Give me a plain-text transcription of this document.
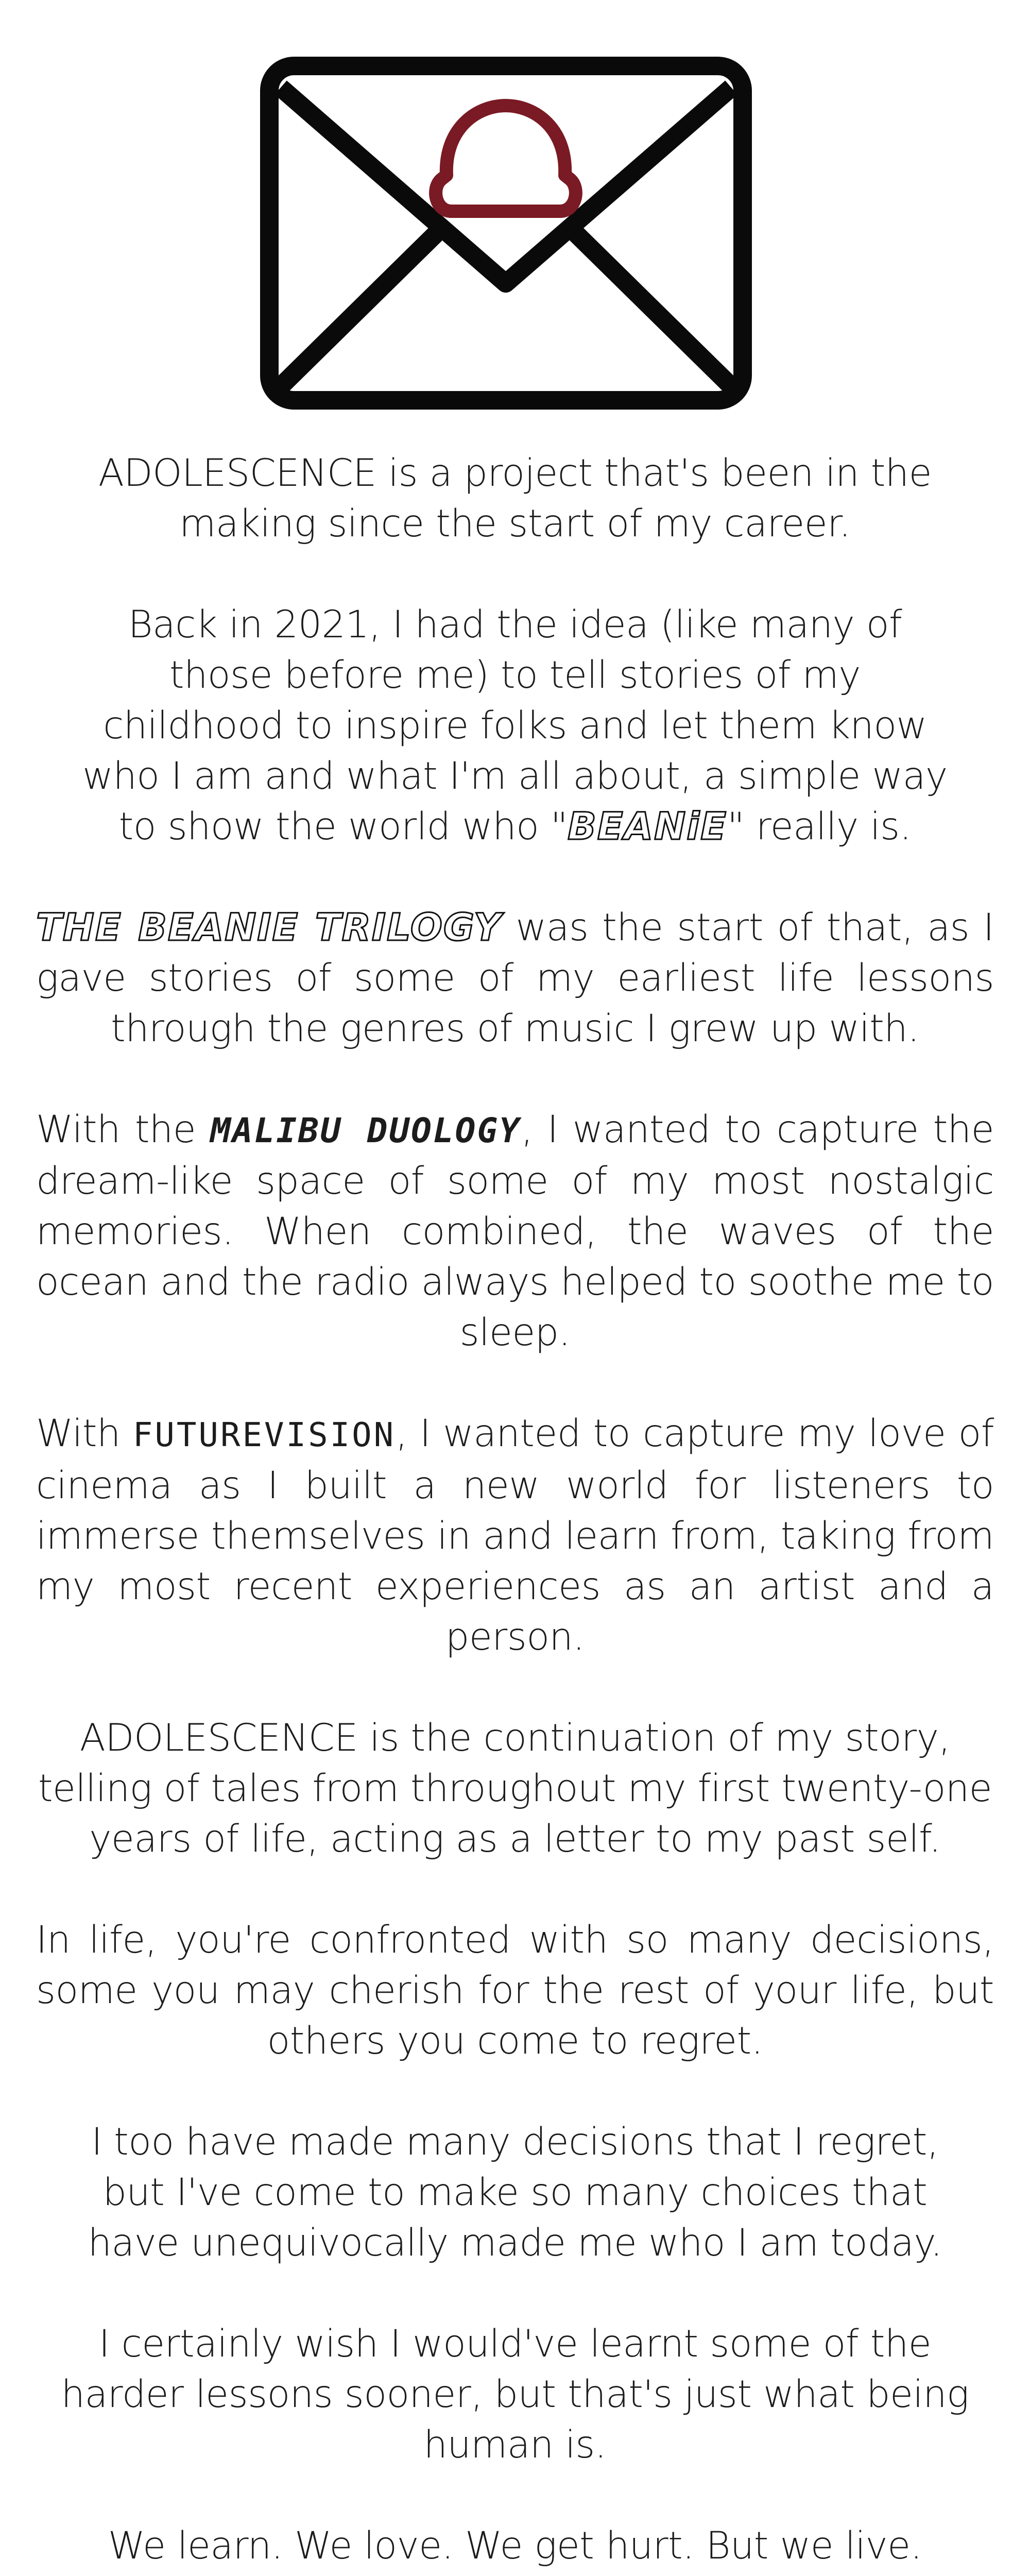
ADOLESCENCE is a project that's been in the making since the start of my career.

Back in 2021, I had the idea (like many of those before me) to tell stories of my childhood to inspire folks and let them know who I am and what I'm all about, a simple way to show the world who "BEANiE" really is.

THE BEANIE TRILOGY was the start of that, as I gave stories of some of my earliest life lessons through the genres of music I grew up with.

With the MALIBU DUOLOGY, I wanted to capture the dream-like space of some of my most nostalgic memories. When combined, the waves of the ocean and the radio always helped to soothe me to sleep.

With FUTUREVISION, I wanted to capture my love of cinema as I built a new world for listeners to immerse themselves in and learn from, taking from my most recent experiences as an artist and a person.

ADOLESCENCE is the continuation of my story, telling of tales from throughout my first twenty-one years of life, acting as a letter to my past self.

In life, you're confronted with so many decisions, some you may cherish for the rest of your life, but others you come to regret.

I too have made many decisions that I regret, but I've come to make so many choices that have unequivocally made me who I am today.

I certainly wish I would've learnt some of the harder lessons sooner, but that's just what being human is.

We learn. We love. We get hurt. But we live.
